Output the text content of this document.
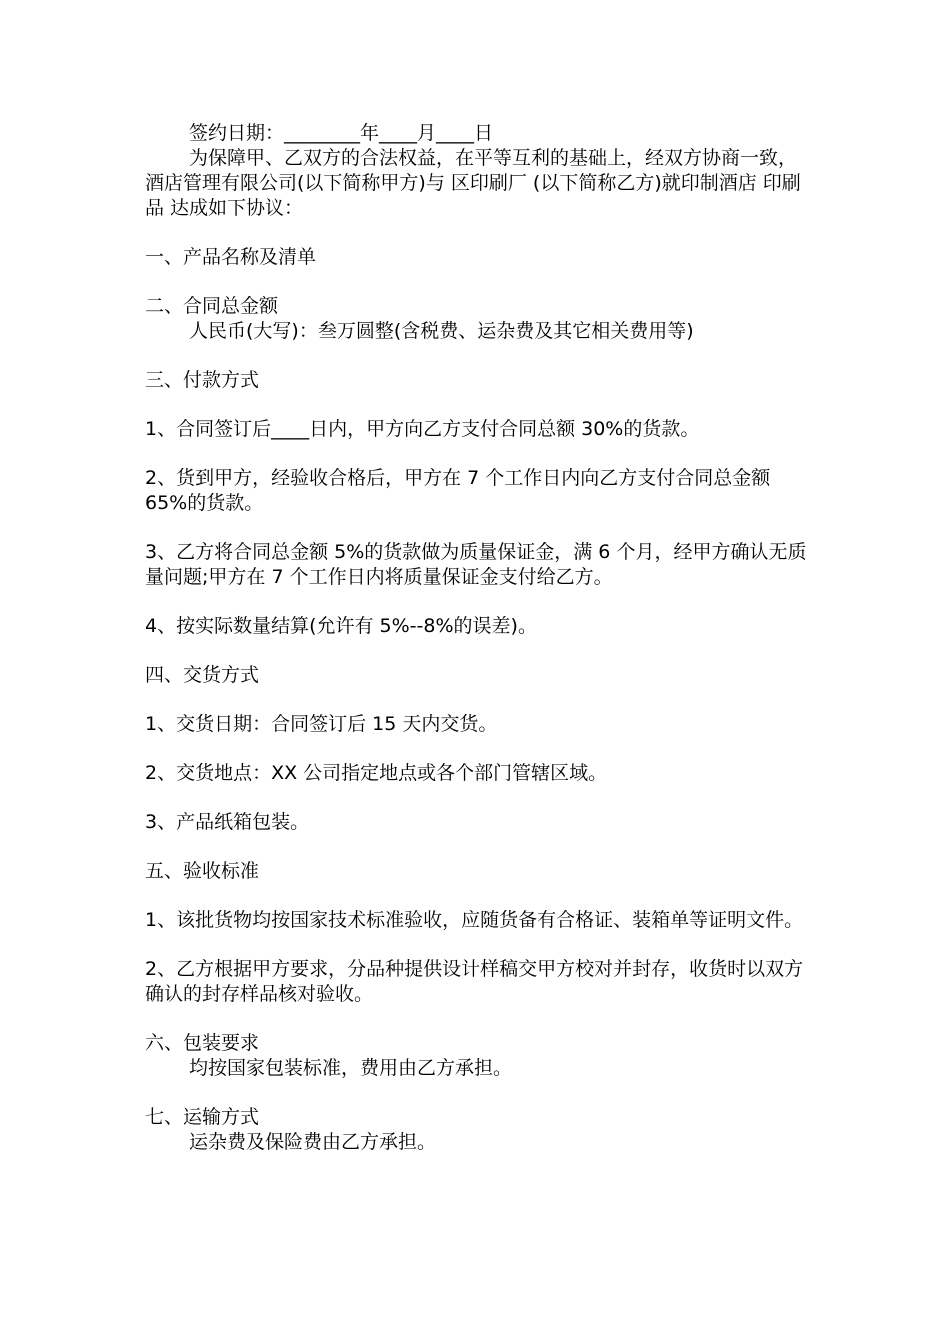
签约日期：________年____月____日

为保障甲、乙双方的合法权益，在平等互利的基础上，经双方协商一致，酒店管理有限公司(以下简称甲方)与 区印刷厂 (以下简称乙方)就印制酒店 印刷品 达成如下协议：

一、产品名称及清单

二、合同总金额

人民币(大写)：叁万圆整(含税费、运杂费及其它相关费用等)

三、付款方式

1、合同签订后____日内，甲方向乙方支付合同总额 30%的货款。

2、货到甲方，经验收合格后，甲方在 7 个工作日内向乙方支付合同总金额 65%的货款。

3、乙方将合同总金额 5%的货款做为质量保证金，满 6 个月，经甲方确认无质量问题;甲方在 7 个工作日内将质量保证金支付给乙方。

4、按实际数量结算(允许有 5%--8%的误差)。

四、交货方式

1、交货日期：合同签订后 15 天内交货。

2、交货地点：XX 公司指定地点或各个部门管辖区域。

3、产品纸箱包装。

五、验收标准

1、该批货物均按国家技术标准验收，应随货备有合格证、装箱单等证明文件。

2、乙方根据甲方要求，分品种提供设计样稿交甲方校对并封存，收货时以双方确认的封存样品核对验收。

六、包装要求

均按国家包装标准，费用由乙方承担。

七、运输方式

运杂费及保险费由乙方承担。
